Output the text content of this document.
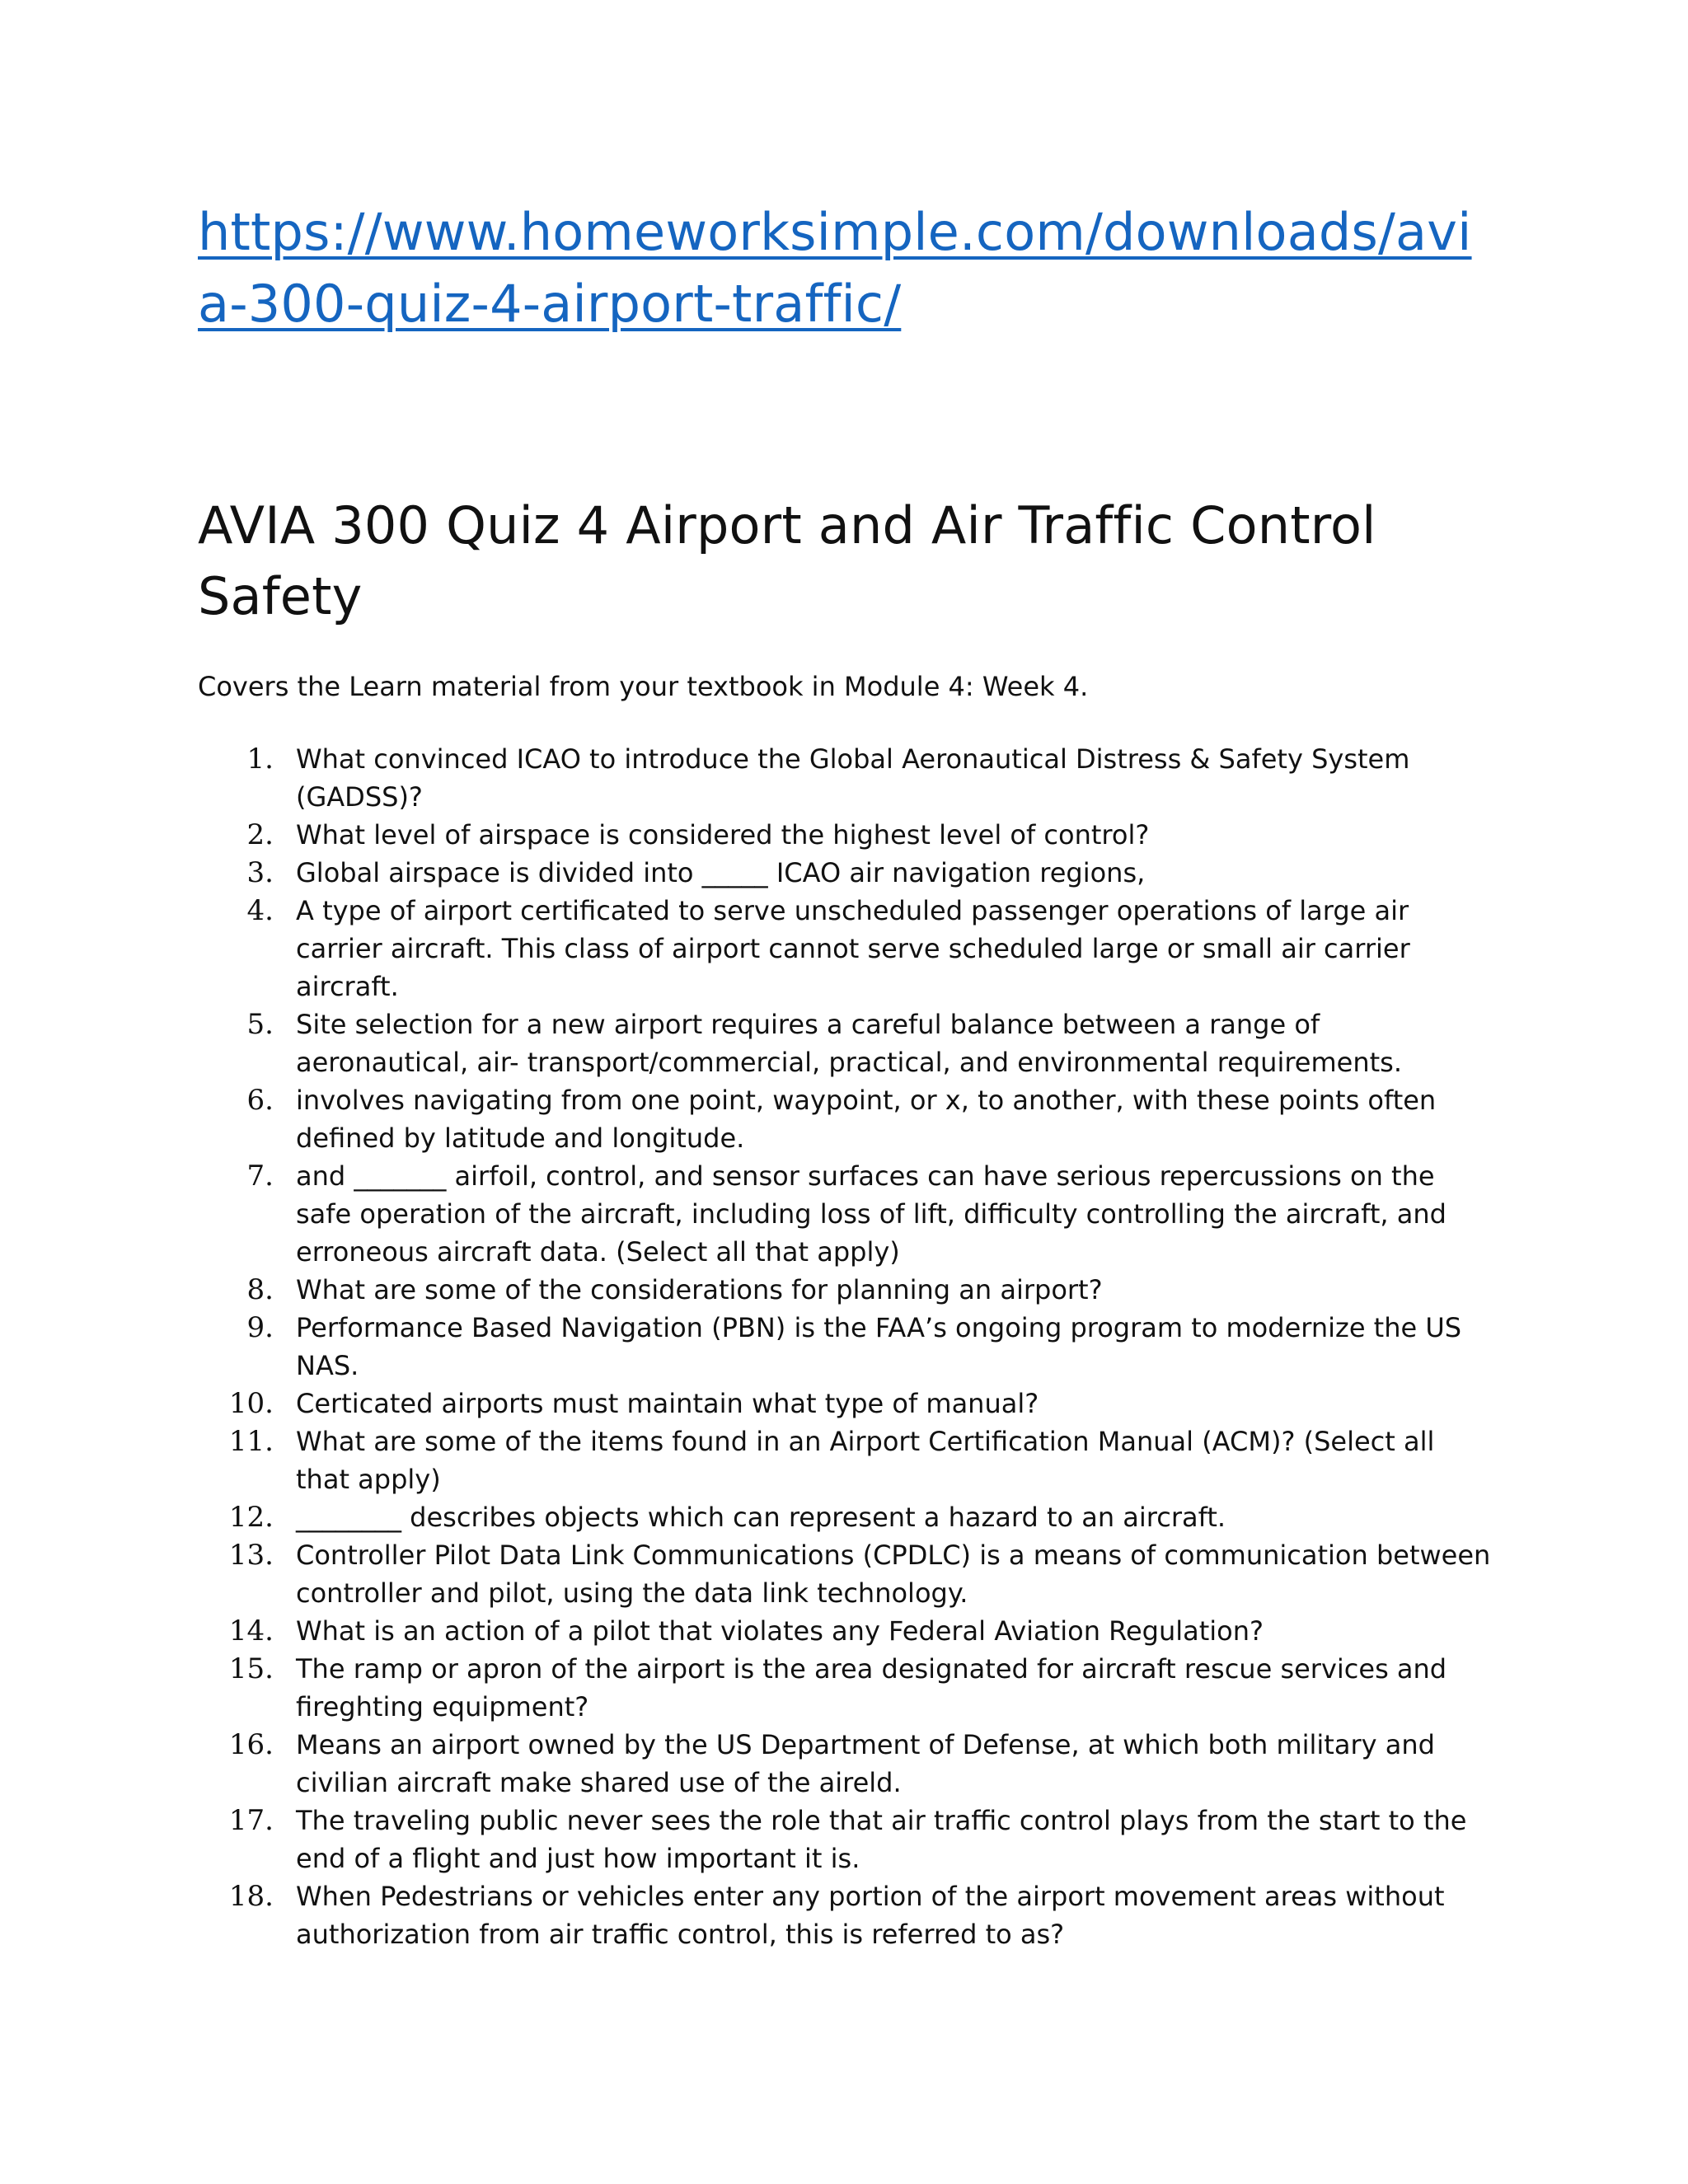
https://www.homeworksimple.com/downloads/avia-300-quiz-4-airport-traffic/
AVIA 300 Quiz 4 Airport and Air Traffic Control Safety

Covers the Learn material from your textbook in Module 4: Week 4.

1. What convinced ICAO to introduce the Global Aeronautical Distress & Safety System (GADSS)?
2. What level of airspace is considered the highest level of control?
3. Global airspace is divided into _____ ICAO air navigation regions,
4. A type of airport certificated to serve unscheduled passenger operations of large air carrier aircraft. This class of airport cannot serve scheduled large or small air carrier aircraft.
5. Site selection for a new airport requires a careful balance between a range of aeronautical, air- transport/commercial, practical, and environmental requirements.
6. involves navigating from one point, waypoint, or x, to another, with these points often defined by latitude and longitude.
7. and _______ airfoil, control, and sensor surfaces can have serious repercussions on the safe operation of the aircraft, including loss of lift, difficulty controlling the aircraft, and erroneous aircraft data. (Select all that apply)
8. What are some of the considerations for planning an airport?
9. Performance Based Navigation (PBN) is the FAA’s ongoing program to modernize the US NAS.
10. Certicated airports must maintain what type of manual?
11. What are some of the items found in an Airport Certification Manual (ACM)? (Select all that apply)
12. ________ describes objects which can represent a hazard to an aircraft.
13. Controller Pilot Data Link Communications (CPDLC) is a means of communication between controller and pilot, using the data link technology.
14. What is an action of a pilot that violates any Federal Aviation Regulation?
15. The ramp or apron of the airport is the area designated for aircraft rescue services and fireghting equipment?
16. Means an airport owned by the US Department of Defense, at which both military and civilian aircraft make shared use of the aireld.
17. The traveling public never sees the role that air traffic control plays from the start to the end of a flight and just how important it is.
18. When Pedestrians or vehicles enter any portion of the airport movement areas without authorization from air traffic control, this is referred to as?
